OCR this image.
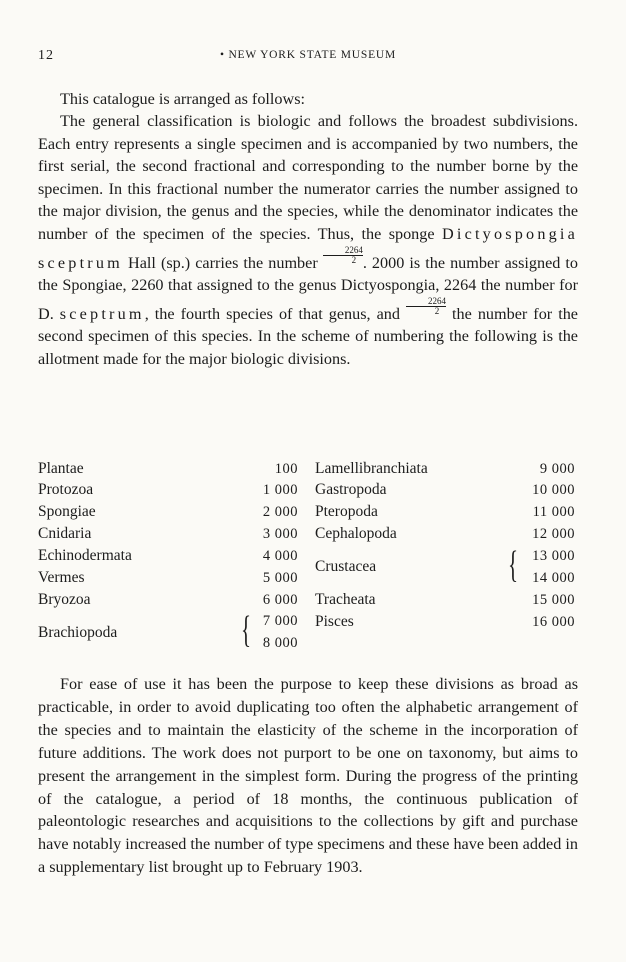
12	• NEW YORK STATE MUSEUM

This catalogue is arranged as follows:

The general classification is biologic and follows the broadest subdivisions. Each entry represents a single specimen and is accompanied by two numbers, the first serial, the second fractional and corresponding to the number borne by the specimen. In this fractional number the numerator carries the number assigned to the major division, the genus and the species, while the denominator indicates the number of the specimen of the species. Thus, the sponge Dictyospongia sceptrum Hall (sp.) carries the number $\frac{2264}{2}$ . 2000 is the number assigned to the Spongiae, 2260 that assigned to the genus Dictyospongia, 2264 the number for D. sceptrum, the fourth species of that genus, and $\frac{2264}{2}$ the number for the second specimen of this species. In the scheme of numbering the following is the allotment made for the major biologic divisions.

Plantae	100
Protozoa	1 000
Spongiae	2 000
Cnidaria	3 000
Echinodermata	4 000
Vermes	5 000
Bryozoa	6 000
Brachiopoda	{ 7 000
8 000
Lamellibranchiata	9 000
Gastropoda	10 000
Pteropoda	11 000
Cephalopoda	12 000
Crustacea	{ 13 000
14 000
Tracheata	15 000
Pisces	16 000

For ease of use it has been the purpose to keep these divisions as broad as practicable, in order to avoid duplicating too often the alphabetic arrangement of the species and to maintain the elasticity of the scheme in the incorporation of future additions. The work does not purport to be one on taxonomy, but aims to present the arrangement in the simplest form. During the progress of the printing of the catalogue, a period of 18 months, the continuous publication of paleontologic researches and acquisitions to the collections by gift and purchase have notably increased the number of type specimens and these have been added in a supplementary list brought up to February 1903.
